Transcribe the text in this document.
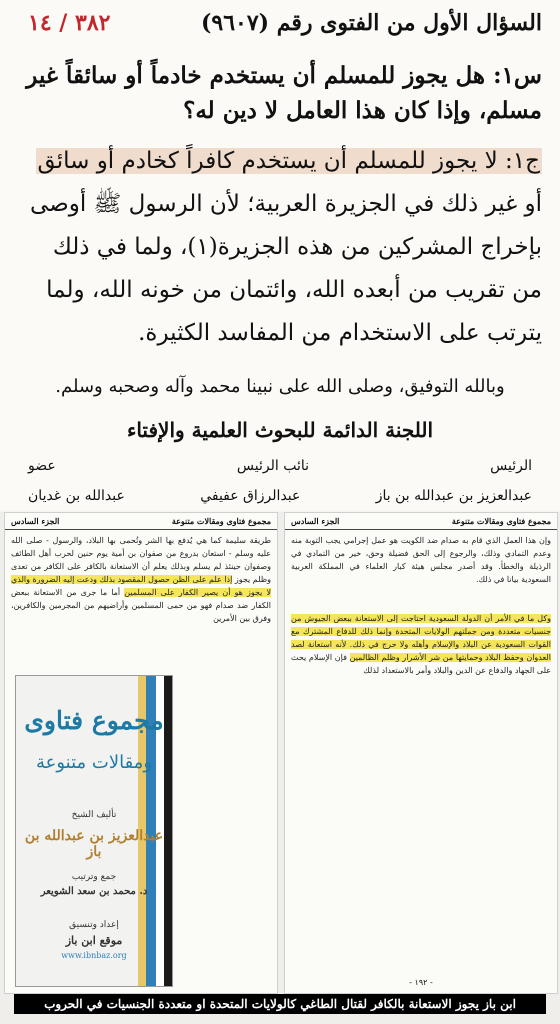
٣٨٢ / ١٤	السؤال الأول من الفتوى رقم (٩٦٠٧)
س١: هل يجوز للمسلم أن يستخدم خادماً أو سائقاً غير مسلم، وإذا كان هذا العامل لا دين له؟
ج١: لا يجوز للمسلم أن يستخدم كافراً كخادم أو سائق أو غير ذلك في الجزيرة العربية؛ لأن الرسول ﷺ أوصى بإخراج المشركين من هذه الجزيرة(١)، ولما في ذلك من تقريب من أبعده الله، وائتمان من خونه الله، ولما يترتب على الاستخدام من المفاسد الكثيرة.
وبالله التوفيق، وصلى الله على نبينا محمد وآله وصحبه وسلم.
اللجنة الدائمة للبحوث العلمية والإفتاء
الرئيس
نائب الرئيس
عضو
عبدالعزيز بن عبدالله بن باز
عبدالرزاق عفيفي
عبدالله بن غديان
مجموع فتاوى ومقالات متنوعة
الجزء السادس
طريقة سليمة كما هي يُدفع بها الشر وتُحمى بها البلاد، والرسول - صلى الله عليه وسلم - استعان بدروع من صفوان بن أمية يوم حنين لحرب أهل الطائف وصفوان حينئذ لم يسلم وبذلك يعلم أن الاستعانة بالكافر على الكافر من تعدى وظلم يجوز إذا علم على الظن حصول المقصود بذلك ودعت إليه الضرورة والذي لا يجوز هو أن يصير الكفار على المسلمين أما ما جرى من الاستعانة ببعض الكفار ضد صدام فهو من حمى المسلمين وأراضيهم من المجرمين والكافرين، وفرق بين الأمرين
مجموع فتاوى
ومقالات متنوعة
تأليف الشيخ
عبدالعزيز بن عبدالله بن باز
جمع وترتيب
د. محمد بن سعد الشويعر
إعداد وتنسيق
موقع ابن باز
www.ibnbaz.org
مجموع فتاوى ومقالات متنوعة
الجزء السادس
وإن هذا العمل الذي قام به صدام ضد الكويت هو عمل إجرامي يجب التوبة منه وعدم التمادي وذلك، والرجوع إلى الحق فضيلة وحق، خير من التمادي في الرذيلة والخطأ. وقد أصدر مجلس هيئة كبار العلماء في المملكة العربية السعودية بيانا في ذلك.

وكل ما في الأمر أن الدولة السعودية احتاجت إلى الاستعانة ببعض الجيوش من جنسيات متعددة ومن جملتهم الولايات المتحدة وإنما ذلك للدفاع المشترك مع القوات السعودية عن البلاد والإسلام وأهله ولا حرج في ذلك. لأنه استعانة لصد العدوان وحفظ البلاد وحمايتها من شر الأشرار وظلم الظالمين فإن الإسلام يحث على الجهاد والدفاع عن الدين والبلاد وأمر بالاستعداد لذلك
- ١٩٢ -
ابن باز يجوز الاستعانة بالكافر لقتال الطاغي كالولايات المتحدة او متعددة الجنسيات في الحروب
